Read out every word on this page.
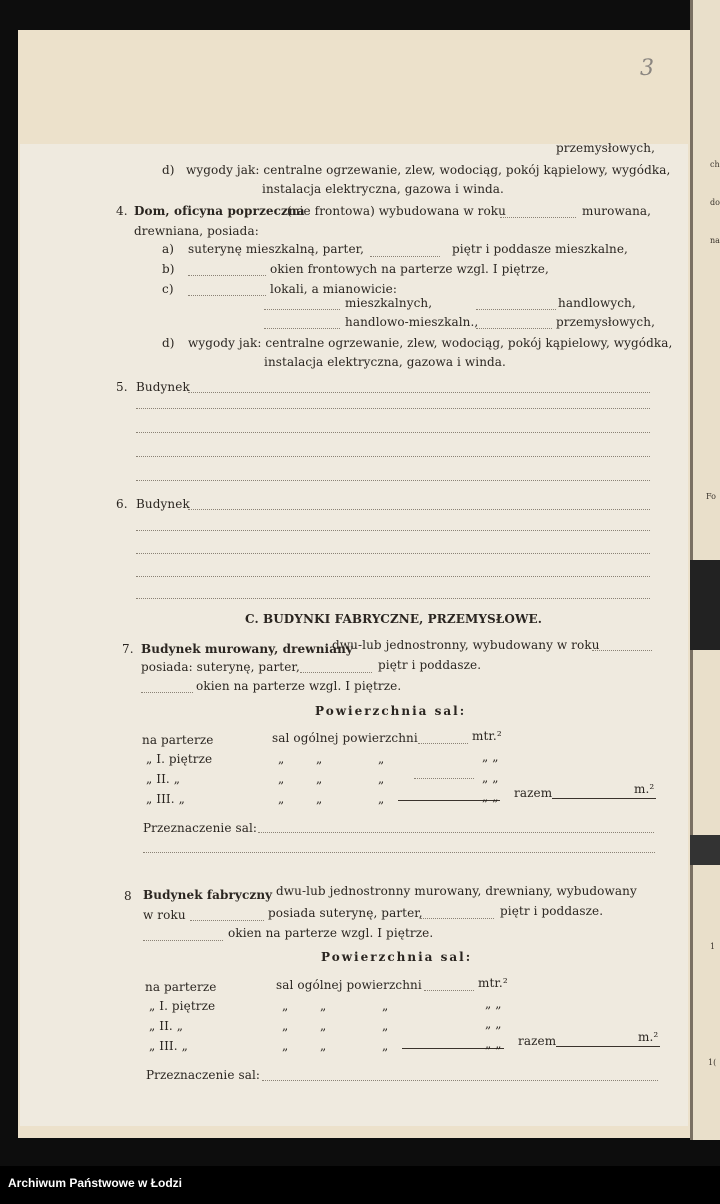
3
ch
do
na
Fo
1
1(
przemysłowych,
d) wygody jak: centralne ogrzewanie, zlew, wodociąg, pokój kąpielowy, wygódka,
instalacja elektryczna, gazowa i winda.
4. Dom, oficyna poprzeczna
(nie frontowa) wybudowana w roku	murowana,
drewniana, posiada:
a) suterynę mieszkalną, parter,	piętr i poddasze mieszkalne,
b)	okien frontowych na parterze wzgl. I piętrze,
c)	lokali, a mianowicie:
mieszkalnych,	handlowych,
handlowo-mieszkaln.,	przemysłowych,
d) wygody jak: centralne ogrzewanie, zlew, wodociąg, pokój kąpielowy, wygódka,
instalacja elektryczna, gazowa i winda.
5. Budynek
6. Budynek
C. BUDYNKI FABRYCZNE, PRZEMYSŁOWE.
7. Budynek murowany, drewniany
dwu-lub jednostronny, wybudowany w roku
posiada: suterynę, parter,	piętr i poddasze.
okien na parterze wzgl. I piętrze.
Powierzchnia sal:
na parterze	sal ogólnej powierzchni	mtr.²
„ I. piętrze	„	„	„	„ „
„ II. „	„	„	„	„ „
„ III. „	„	„	„	„ „ razem	m.²
Przeznaczenie sal:
8 Budynek fabryczny dwu-lub jednostronny murowany, drewniany, wybudowany
w roku	posiada suterynę, parter,	piętr i poddasze.
okien na parterze wzgl. I piętrze.
Powierzchnia sal:
na parterze	sal ogólnej powierzchni	mtr.²
„ I. piętrze	„	„	„	„ „
„ II. „	„	„	„	„ „
„ III. „	„	„	„	„ „ razem	m.²
Przeznaczenie sal:
Archiwum Państwowe w Łodzi
